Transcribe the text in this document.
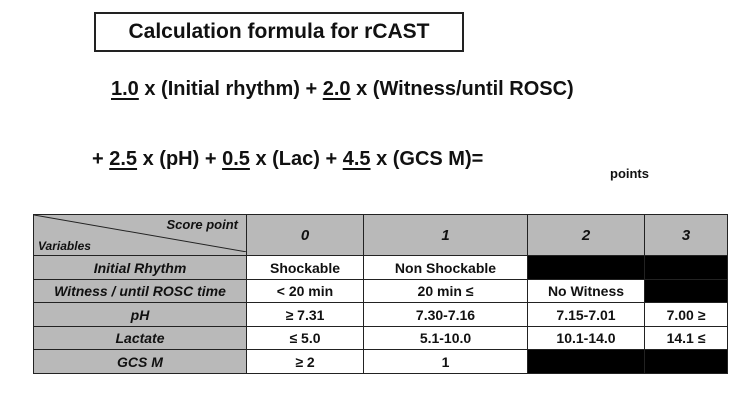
Calculation formula for rCAST
1.0 x (Initial rhythm) + 2.0 x (Witness/until ROSC)
+ 2.5 x (pH) + 0.5 x (Lac) + 4.5 x (GCS M)=
points
Score point
Variables	0	1	2	3
Initial Rhythm	Shockable	Non Shockable		
Witness / until ROSC time	< 20 min	20 min ≤	No Witness	
pH	≥ 7.31	7.30-7.16	7.15-7.01	7.00 ≥
Lactate	≤ 5.0	5.1-10.0	10.1-14.0	14.1 ≤
GCS M	≥ 2	1		
